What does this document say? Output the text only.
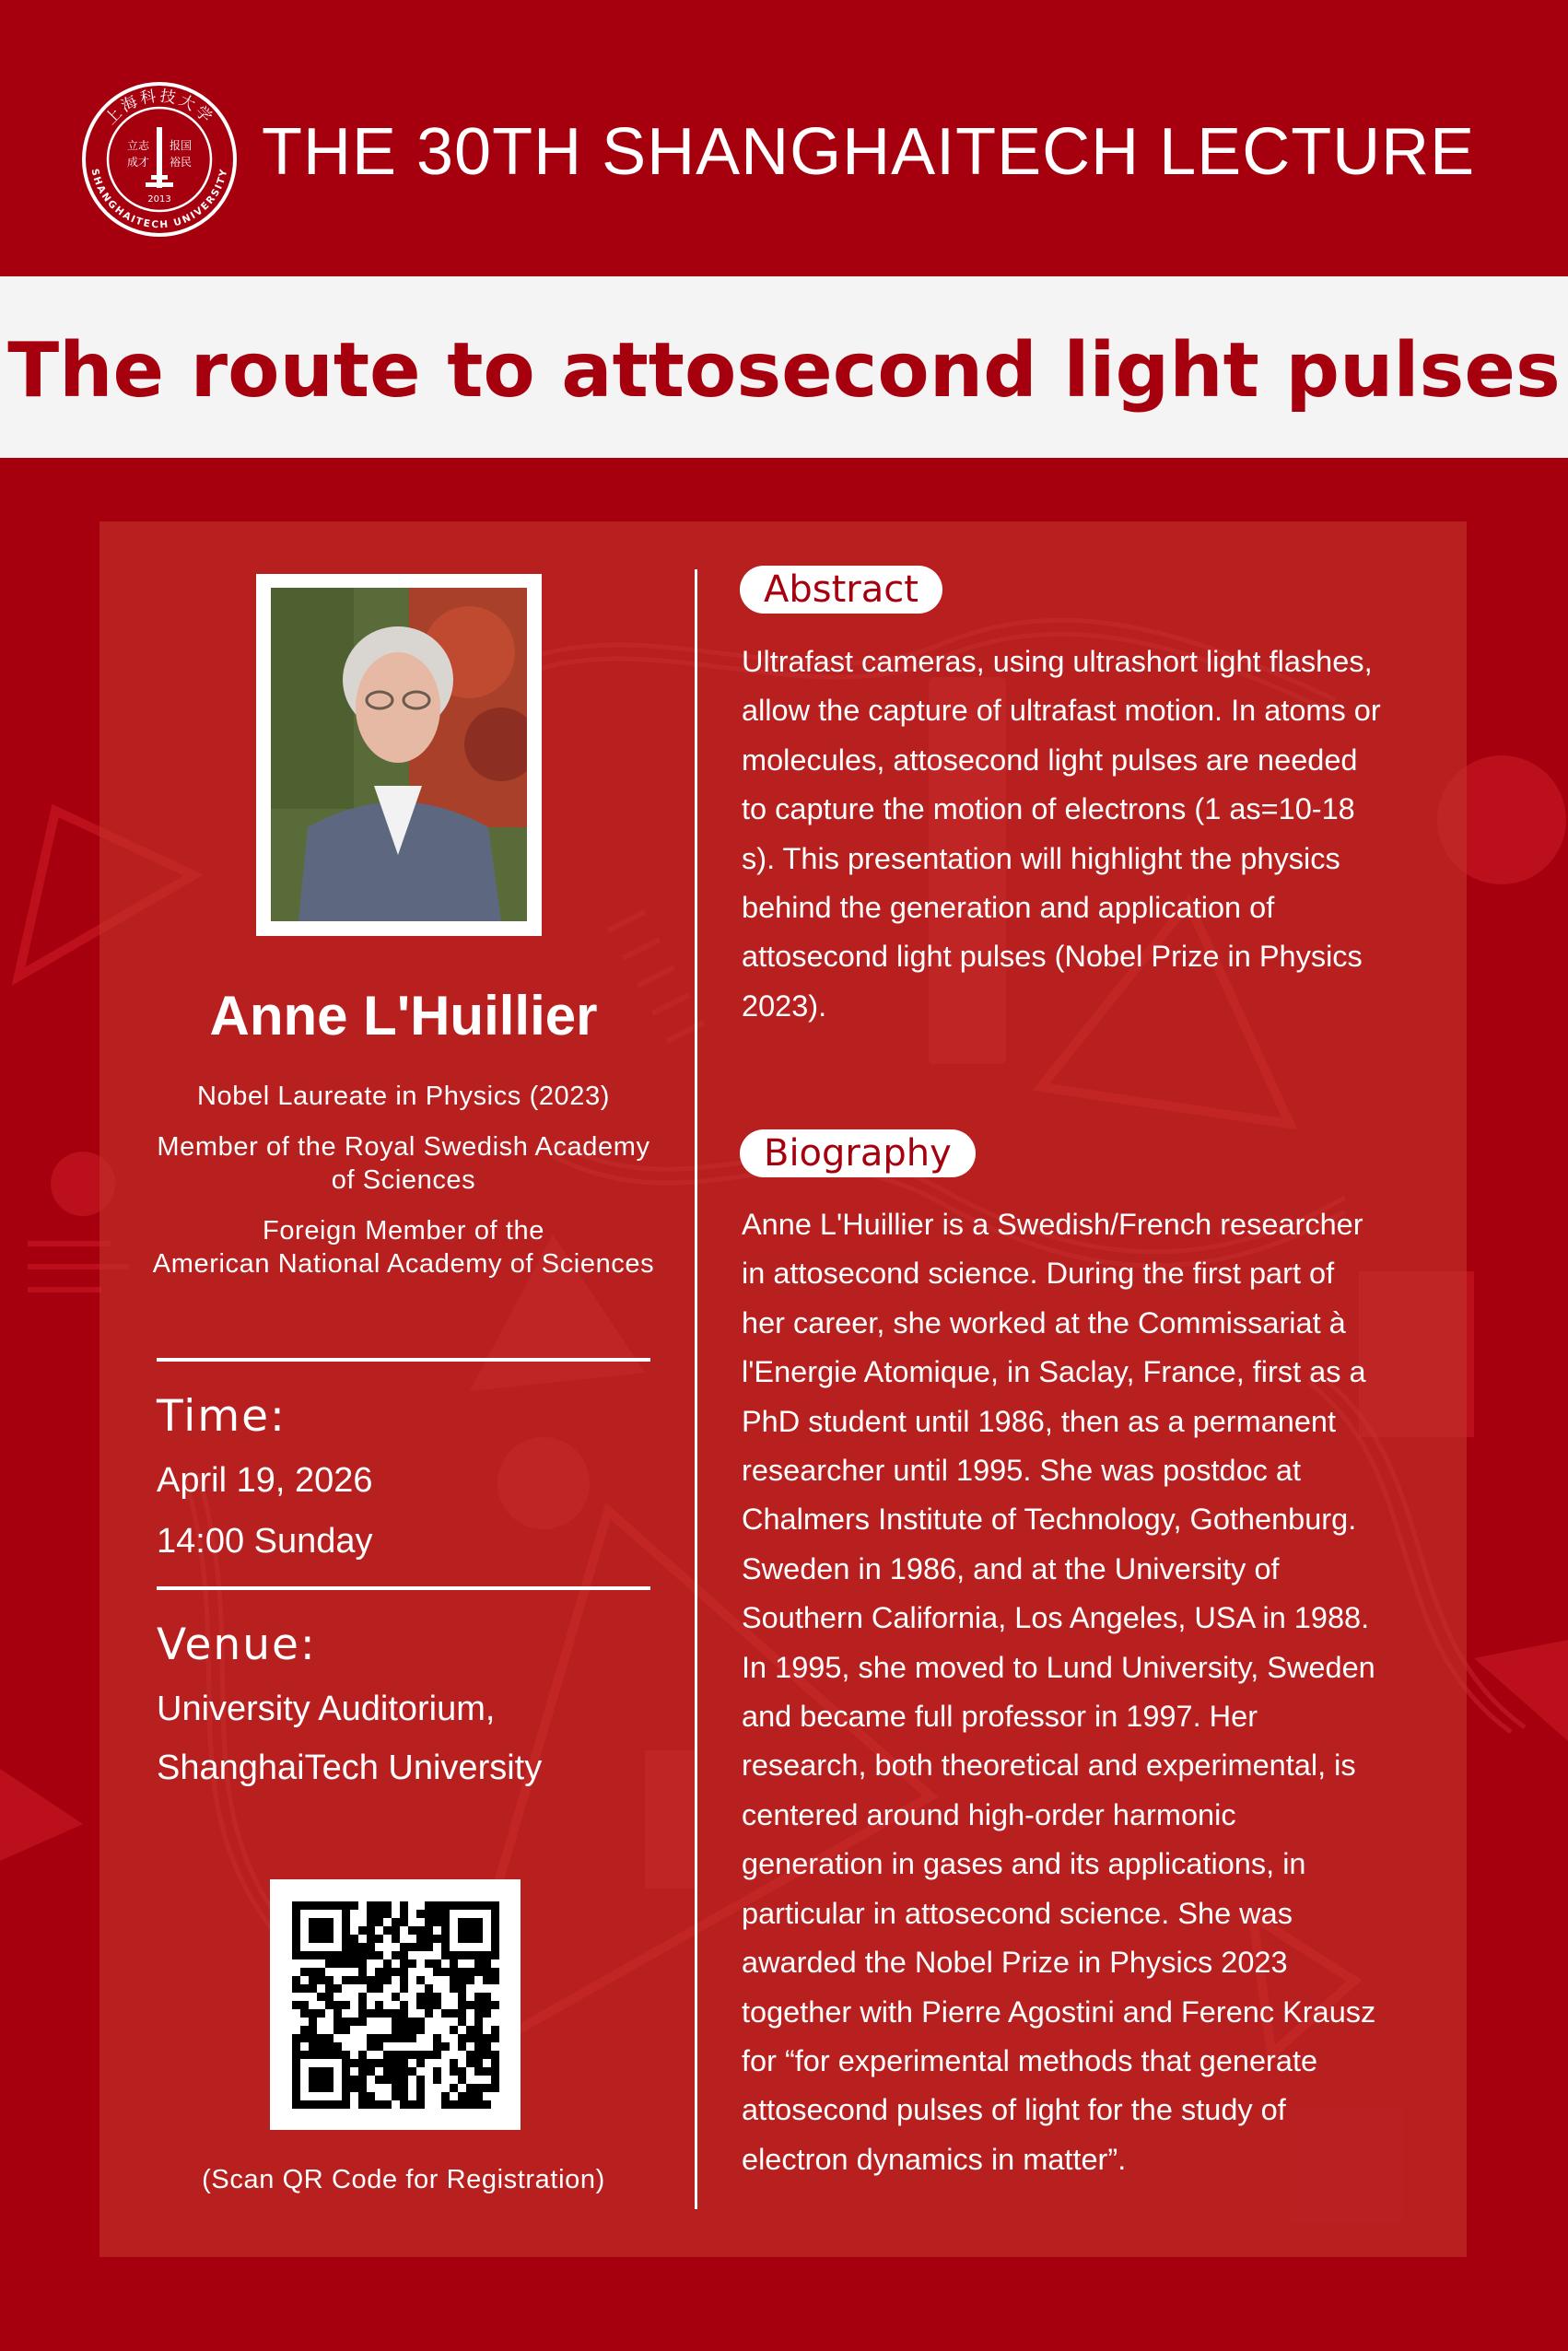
上海科技大学
SHANGHAITECH UNIVERSITY
立志
成才
报国
裕民
2013
THE 30TH SHANGHAITECH LECTURE
The route to attosecond light pulses
Anne L'Huillier

Nobel Laureate in Physics (2023)

Member of the Royal Swedish Academy
of Sciences

Foreign Member of the
American National Academy of Sciences

Time:
April 19, 2026
14:00 Sunday
Venue:
University Auditorium,
ShanghaiTech University
(Scan QR Code for Registration)
Abstract
Ultrafast cameras, using ultrashort light flashes,
allow the capture of ultrafast motion. In atoms or
molecules, attosecond light pulses are needed
to capture the motion of electrons (1 as=10-18
s). This presentation will highlight the physics
behind the generation and application of
attosecond light pulses (Nobel Prize in Physics
2023).
Biography
Anne L'Huillier is a Swedish/French researcher
in attosecond science. During the first part of
her career, she worked at the Commissariat à
l'Energie Atomique, in Saclay, France, first as a
PhD student until 1986, then as a permanent
researcher until 1995. She was postdoc at
Chalmers Institute of Technology, Gothenburg.
Sweden in 1986, and at the University of
Southern California, Los Angeles, USA in 1988.
In 1995, she moved to Lund University, Sweden
and became full professor in 1997. Her
research, both theoretical and experimental, is
centered around high-order harmonic
generation in gases and its applications, in
particular in attosecond science. She was
awarded the Nobel Prize in Physics 2023
together with Pierre Agostini and Ferenc Krausz
for “for experimental methods that generate
attosecond pulses of light for the study of
electron dynamics in matter”.
